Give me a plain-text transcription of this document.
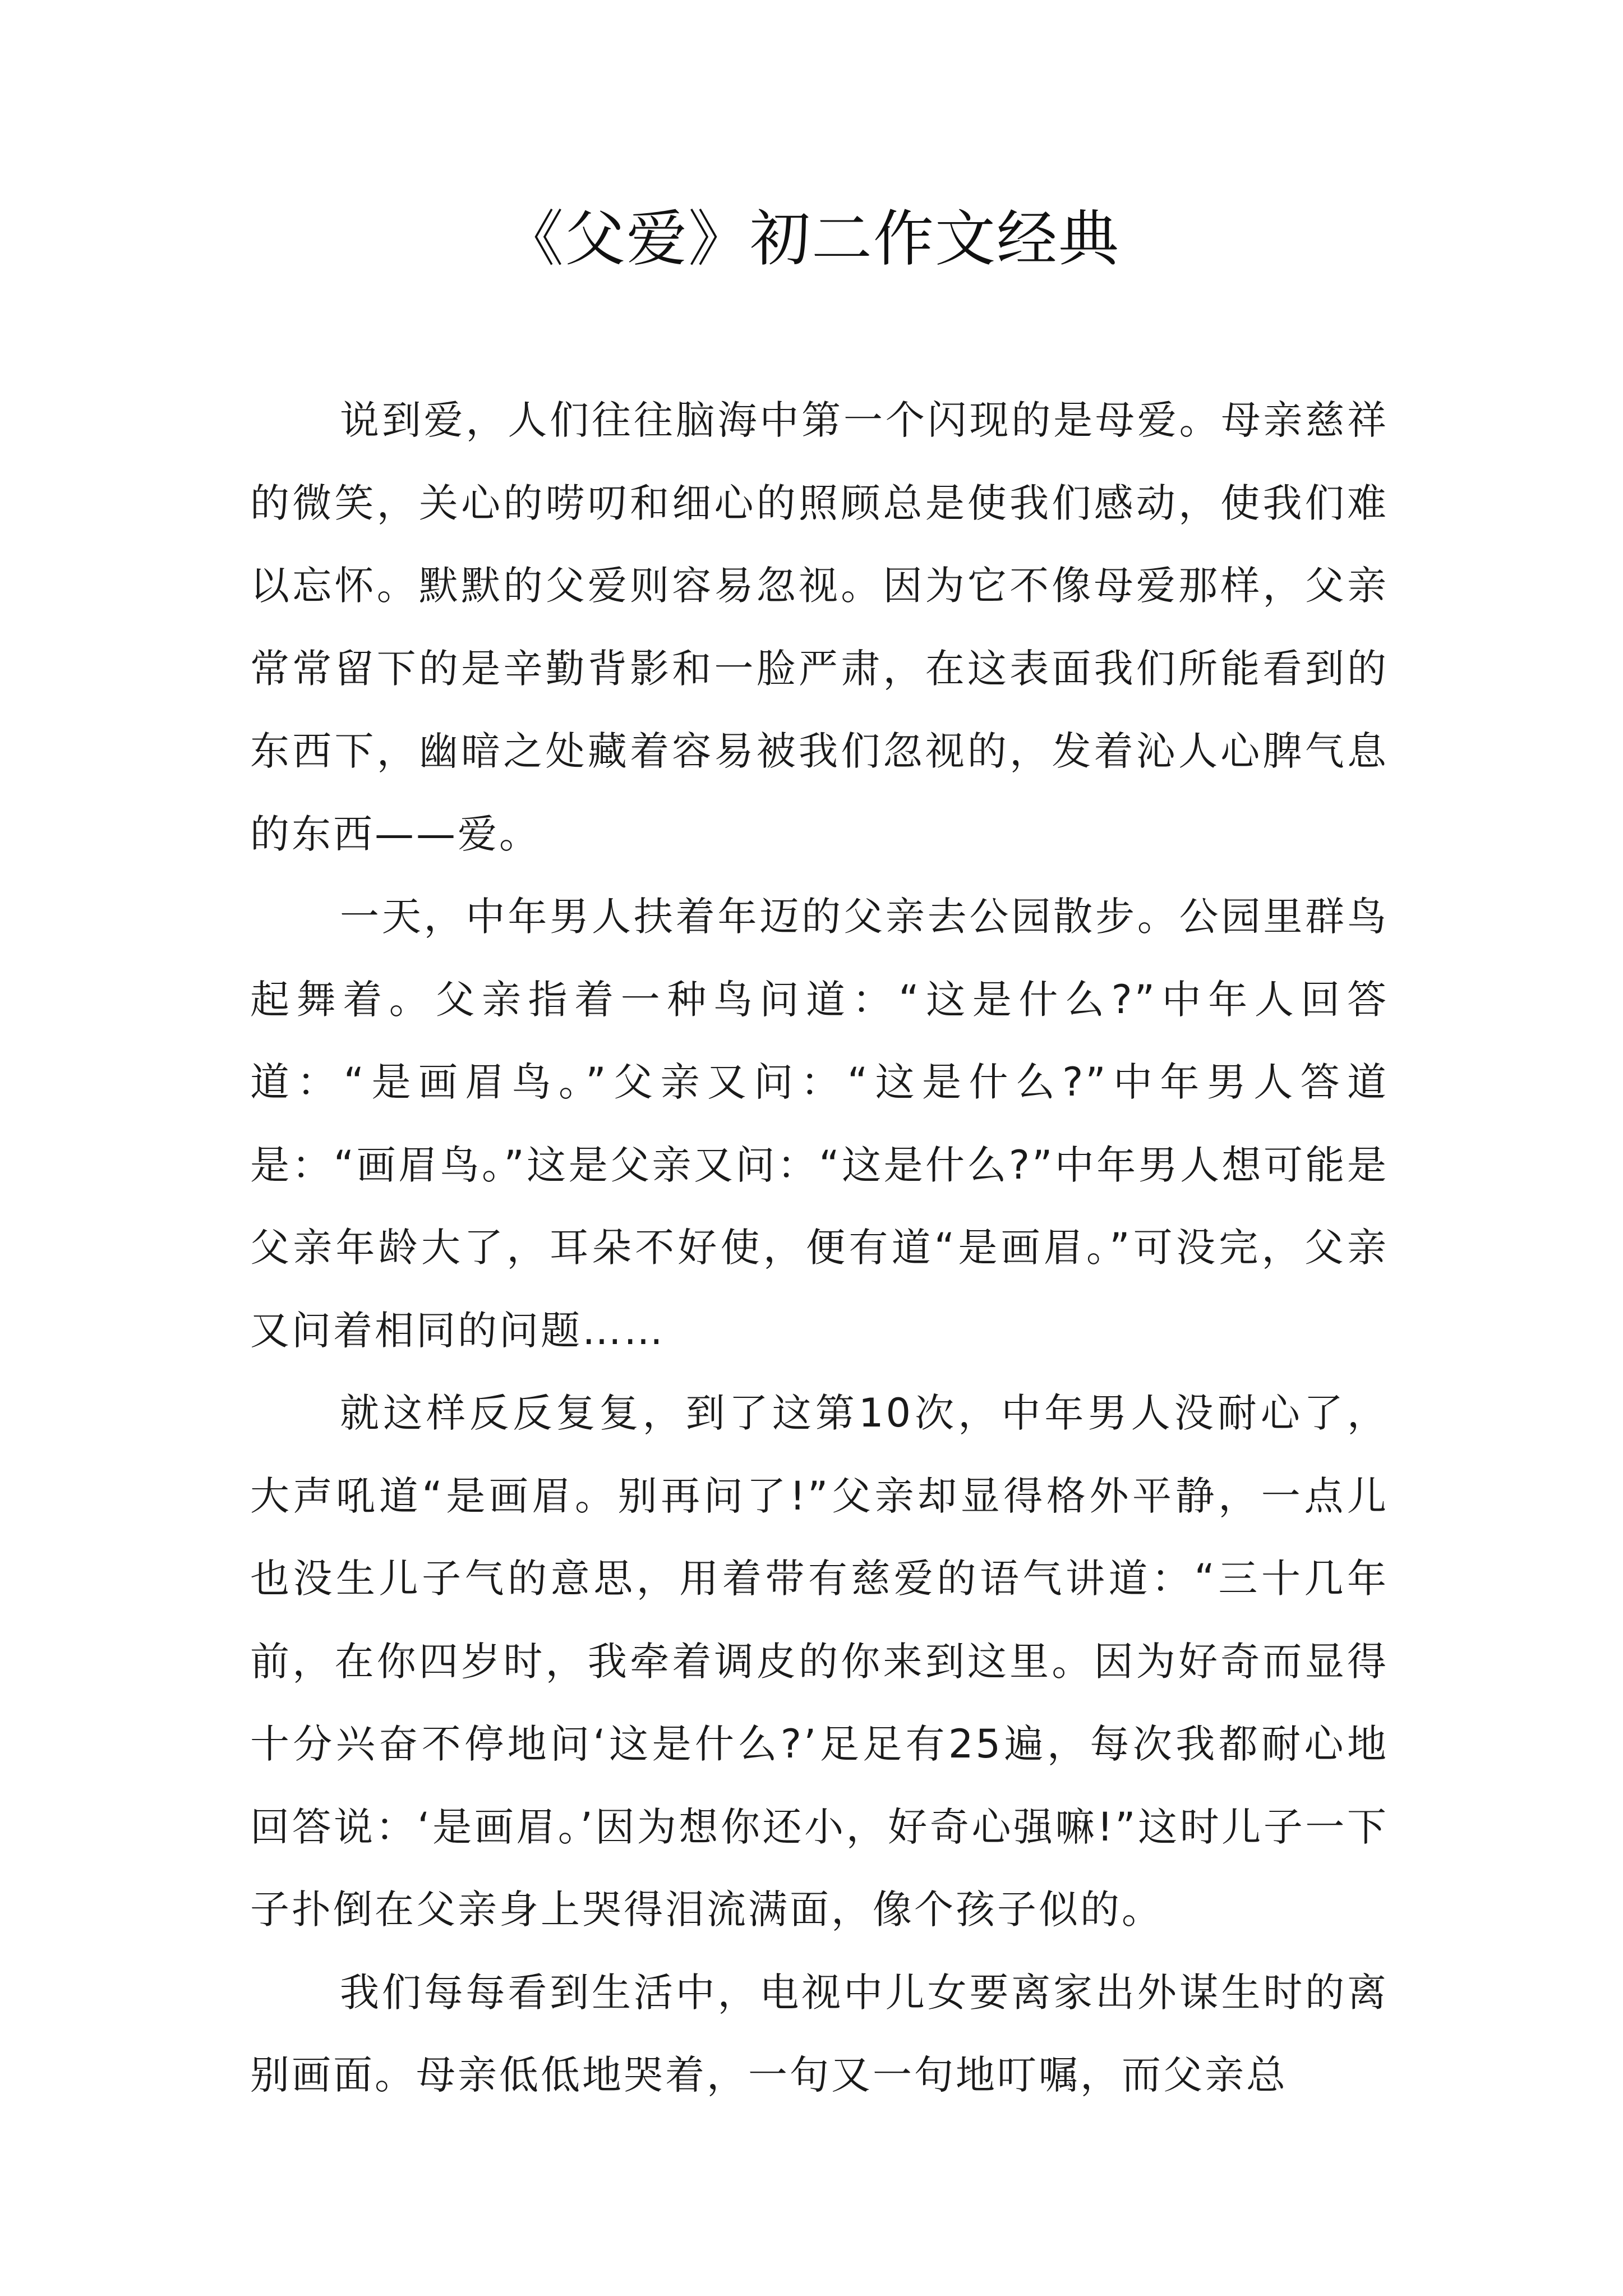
《父爱》初二作文经典

说到爱，人们往往脑海中第一个闪现的是母爱。母亲慈祥的微笑，关心的唠叨和细心的照顾总是使我们感动，使我们难以忘怀。默默的父爱则容易忽视。因为它不像母爱那样，父亲常常留下的是辛勤背影和一脸严肃，在这表面我们所能看到的东西下，幽暗之处藏着容易被我们忽视的，发着沁人心脾气息的东西——爱。

一天，中年男人扶着年迈的父亲去公园散步。公园里群鸟起舞着。父亲指着一种鸟问道：“这是什么?”中年人回答道：“是画眉鸟。”父亲又问：“这是什么?”中年男人答道是：“画眉鸟。”这是父亲又问：“这是什么?”中年男人想可能是父亲年龄大了，耳朵不好使，便有道“是画眉。”可没完，父亲又问着相同的问题……

就这样反反复复，到了这第10次，中年男人没耐心了，大声吼道“是画眉。别再问了!”父亲却显得格外平静，一点儿也没生儿子气的意思，用着带有慈爱的语气讲道：“三十几年前，在你四岁时，我牵着调皮的你来到这里。因为好奇而显得十分兴奋不停地问‘这是什么?’足足有25遍，每次我都耐心地回答说：‘是画眉。’因为想你还小，好奇心强嘛!”这时儿子一下子扑倒在父亲身上哭得泪流满面，像个孩子似的。

我们每每看到生活中，电视中儿女要离家出外谋生时的离别画面。母亲低低地哭着，一句又一句地叮嘱，而父亲总
